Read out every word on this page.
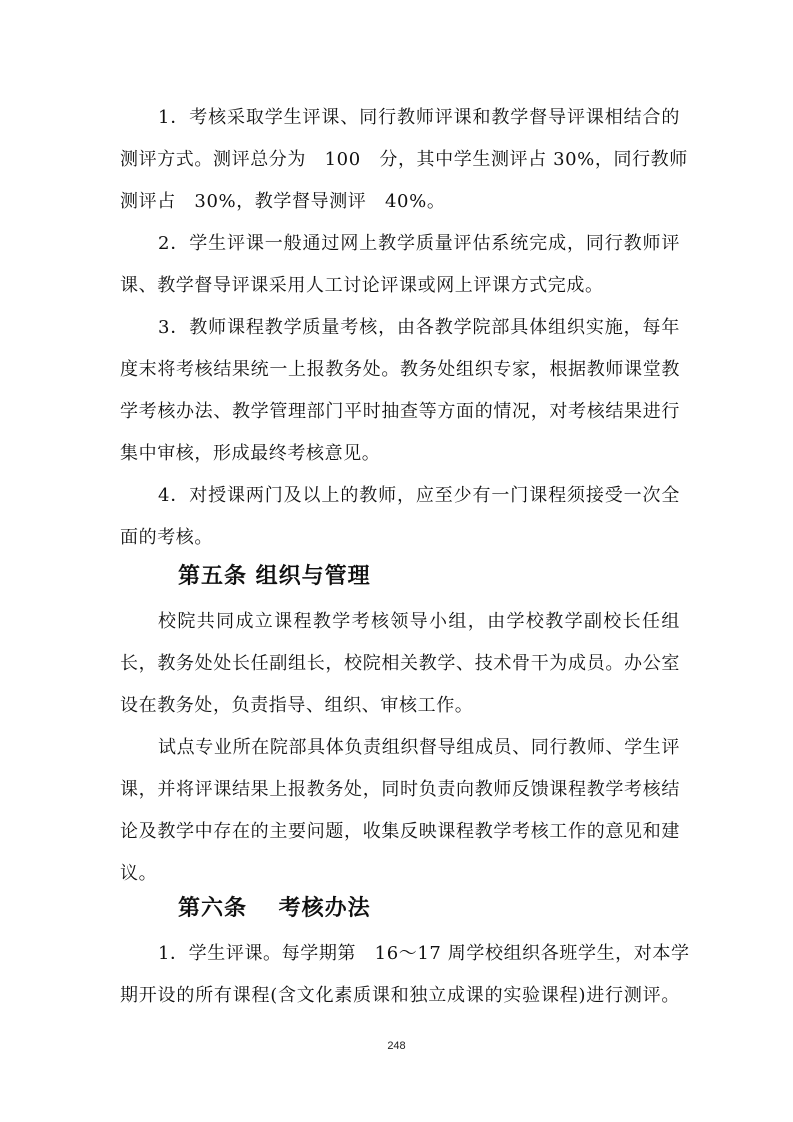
1．考核采取学生评课、同行教师评课和教学督导评课相结合的
测评方式。测评总分为　100　分，其中学生测评占 30%，同行教师
测评占　30%，教学督导测评　40%。
2．学生评课一般通过网上教学质量评估系统完成，同行教师评
课、教学督导评课采用人工讨论评课或网上评课方式完成。
3．教师课程教学质量考核，由各教学院部具体组织实施，每年
度末将考核结果统一上报教务处。教务处组织专家，根据教师课堂教
学考核办法、教学管理部门平时抽查等方面的情况，对考核结果进行
集中审核，形成最终考核意见。
4．对授课两门及以上的教师，应至少有一门课程须接受一次全
面的考核。
第五条 组织与管理
校院共同成立课程教学考核领导小组，由学校教学副校长任组
长，教务处处长任副组长，校院相关教学、技术骨干为成员。办公室
设在教务处，负责指导、组织、审核工作。
试点专业所在院部具体负责组织督导组成员、同行教师、学生评
课，并将评课结果上报教务处，同时负责向教师反馈课程教学考核结
论及教学中存在的主要问题，收集反映课程教学考核工作的意见和建
议。
第六条　 考核办法
1．学生评课。每学期第　16～17 周学校组织各班学生，对本学
期开设的所有课程(含文化素质课和独立成课的实验课程)进行测评。
248
